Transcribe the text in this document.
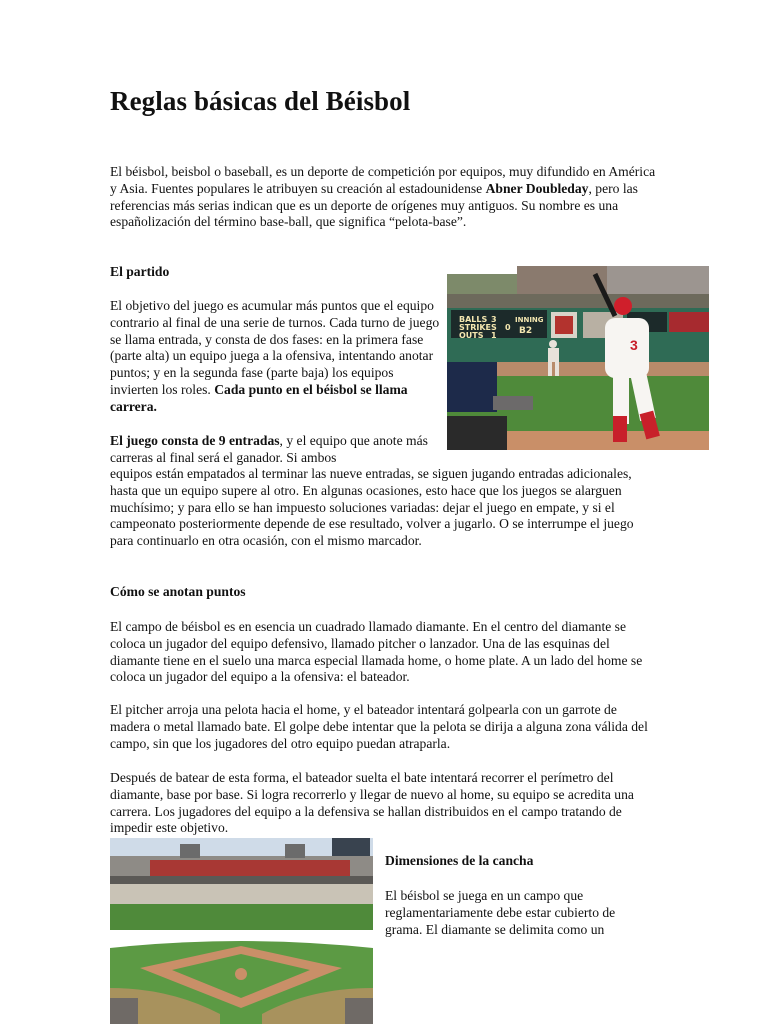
Reglas básicas del Béisbol

El béisbol, beisbol o baseball, es un deporte de competición por equipos, muy difundido en América y Asia. Fuentes populares le atribuyen su creación al estadounidense Abner Doubleday, pero las referencias más serias indican que es un deporte de orígenes muy antiguos. Su nombre es una españolización del término base-ball, que significa “pelota-base”.

El partido

El objetivo del juego es acumular más puntos que el equipo contrario al final de una serie de turnos. Cada turno de juego se llama entrada, y consta de dos fases: en la primera fase (parte alta) un equipo juega a la ofensiva, intentando anotar puntos; y en la segunda fase (parte baja) los equipos invierten los roles. Cada punto en el béisbol se llama carrera.

El juego consta de 9 entradas, y el equipo que anote más carreras al final será el ganador. Si ambos

equipos están empatados al terminar las nueve entradas, se siguen jugando entradas adicionales, hasta que un equipo supere al otro. En algunas ocasiones, esto hace que los juegos se alarguen muchísimo; y para ello se han impuesto soluciones variadas: dejar el juego en empate, y si el campeonato posteriormente depende de ese resultado, volver a jugarlo. O se interrumpe el juego para continuarlo en otra ocasión, con el mismo marcador.

Cómo se anotan puntos

El campo de béisbol es en esencia un cuadrado llamado diamante. En el centro del diamante se coloca un jugador del equipo defensivo, llamado pitcher o lanzador. Una de las esquinas del diamante tiene en el suelo una marca especial llamada home, o home plate. A un lado del home se coloca un jugador del equipo a la ofensiva: el bateador.

El pitcher arroja una pelota hacia el home, y el bateador intentará golpearla con un garrote de madera o metal llamado bate. El golpe debe intentar que la pelota se dirija a alguna zona válida del campo, sin que los jugadores del otro equipo puedan atraparla.

Después de batear de esta forma, el bateador suelta el bate intentará recorrer el perímetro del diamante, base por base. Si logra recorrerlo y llegar de nuevo al home, su equipo se acredita una carrera. Los jugadores del equipo a la defensiva se hallan distribuidos en el campo tratando de impedir este objetivo.

Dimensiones de la cancha

El béisbol se juega en un campo que reglamentariamente debe estar cubierto de grama. El diamante se delimita como un

BALLS 3
STRIKES 0
OUTS 1
INNING
B2
3
